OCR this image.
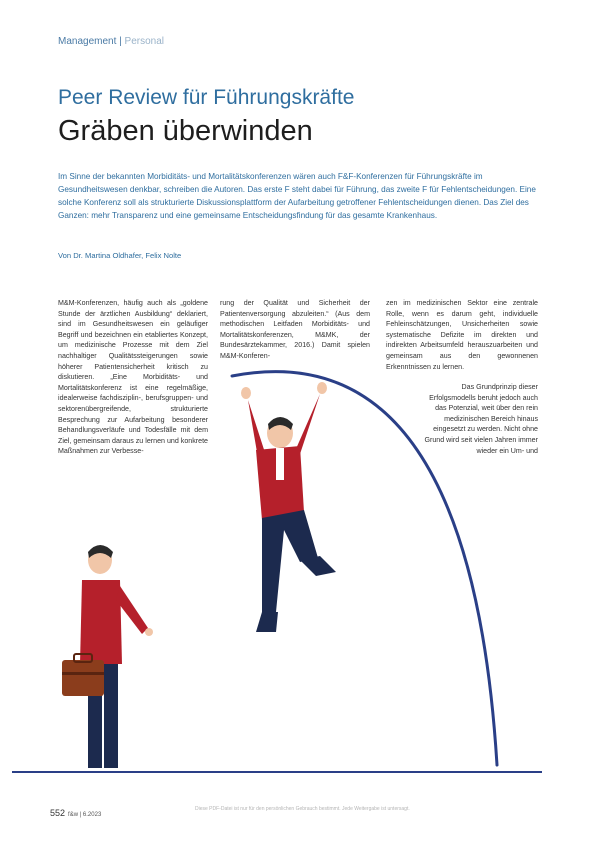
Management | Personal
Peer Review für Führungskräfte
Gräben überwinden

Im Sinne der bekannten Morbiditäts- und Mortalitätskonferenzen wären auch F&F-Konferenzen für Führungskräfte im Gesundheitswesen denkbar, schreiben die Autoren. Das erste F steht dabei für Führung, das zweite F für Fehlentscheidungen. Eine solche Konferenz soll als strukturierte Diskussionsplattform der Aufarbeitung getroffener Fehlentscheidungen dienen. Das Ziel des Ganzen: mehr Transparenz und eine gemeinsame Entscheidungsfindung für das gesamte Krankenhaus.

Von Dr. Martina Oldhafer, Felix Nolte

M&M-Konferenzen, häufig auch als „goldene Stunde der ärztlichen Ausbildung“ deklariert, sind im Gesundheitswesen ein geläufiger Begriff und bezeichnen ein etabliertes Konzept, um medizinische Prozesse mit dem Ziel nachhaltiger Qualitätssteigerungen sowie höherer Patientensicherheit kritisch zu diskutieren. „Eine Morbiditäts- und Mortalitätskonferenz ist eine regelmäßige, idealerweise fachdisziplin-, berufsgruppen- und sektorenübergreifende, strukturierte Besprechung zur Aufarbeitung besonderer Behandlungsverläufe und Todesfälle mit dem Ziel, gemeinsam daraus zu lernen und konkrete Maßnahmen zur Verbesse-

rung der Qualität und Sicherheit der Patientenversorgung abzuleiten.“ (Aus dem methodischen Leitfaden Morbiditäts- und Mortalitätskonferenzen, M&MK, der Bundesärztekammer, 2016.) Damit spielen M&M-Konferen-

zen im medizinischen Sektor eine zentrale Rolle, wenn es darum geht, individuelle Fehleinschätzungen, Unsicherheiten sowie systematische Defizite im direkten und indirekten Arbeitsumfeld herauszuarbeiten und gemeinsam aus den gewonnenen Erkenntnissen zu lernen.

Das Grundprinzip dieser Erfolgsmodells beruht jedoch auch das Potenzial, weit über den rein medizinischen Bereich hinaus eingesetzt zu werden. Nicht ohne Grund wird seit vielen Jahren immer wieder ein Um- und

552 f&w | 6.2023
Diese PDF-Datei ist nur für den persönlichen Gebrauch bestimmt. Jede Weitergabe ist untersagt.
